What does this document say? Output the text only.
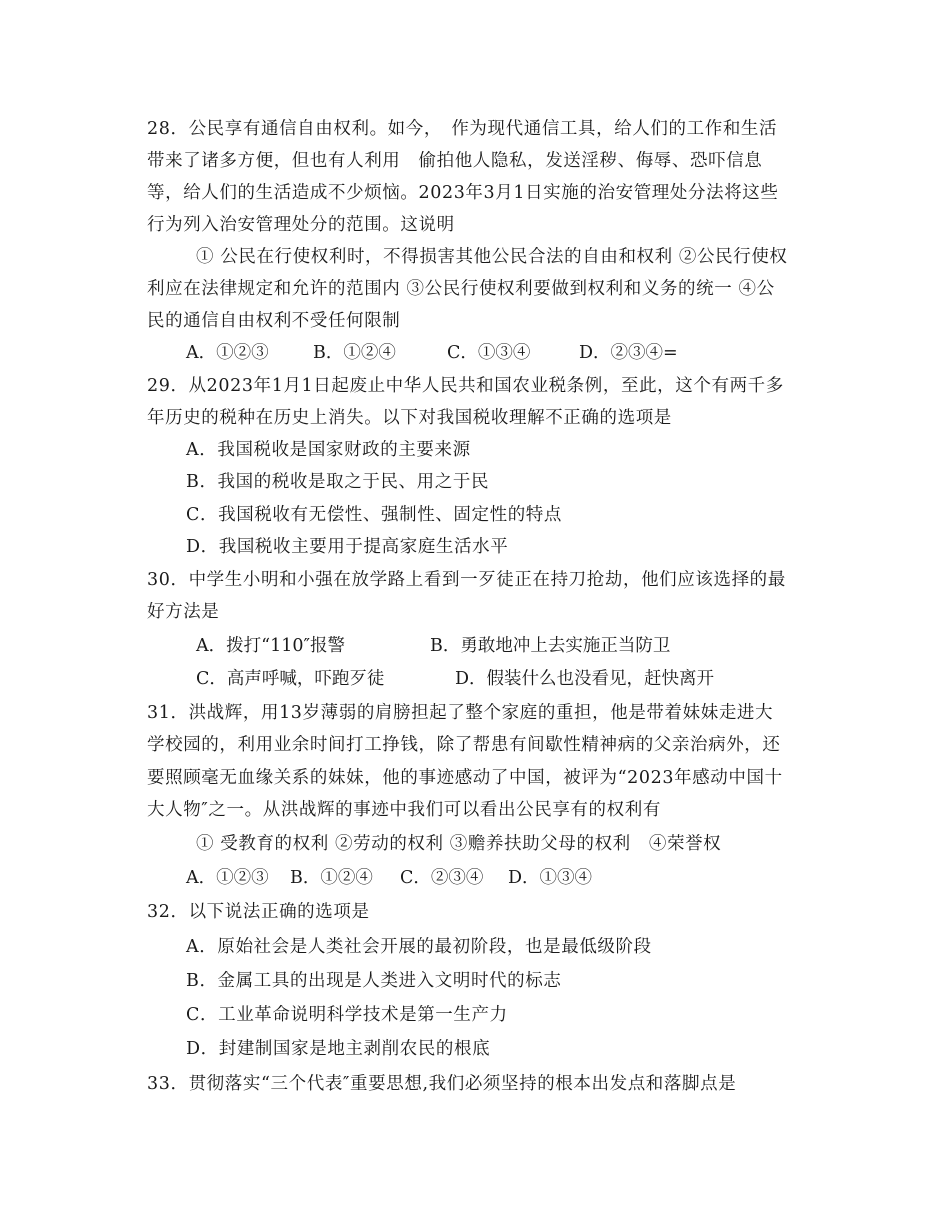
28．公民享有通信自由权利。如今，　作为现代通信工具，给人们的工作和生活
带来了诸多方便，但也有人利用　偷拍他人隐私，发送淫秽、侮辱、恐吓信息
等，给人们的生活造成不少烦恼。2023年3月1日实施的治安管理处分法将这些
行为列入治安管理处分的范围。这说明
① 公民在行使权利时，不得损害其他公民合法的自由和权利 ②公民行使权
利应在法律规定和允许的范围内 ③公民行使权利要做到权利和义务的统一 ④公
民的通信自由权利不受任何限制
A．①②③	B．①②④	C．①③④	D．②③④=
29．从2023年1月1日起废止中华人民共和国农业税条例，至此，这个有两千多
年历史的税种在历史上消失。以下对我国税收理解不正确的选项是
A．我国税收是国家财政的主要来源
B．我国的税收是取之于民、用之于民
C．我国税收有无偿性、强制性、固定性的特点
D．我国税收主要用于提高家庭生活水平
30．中学生小明和小强在放学路上看到一歹徒正在持刀抢劫，他们应该选择的最
好方法是
A．拨打“110″报警	B．勇敢地冲上去实施正当防卫
C．高声呼喊，吓跑歹徒	D．假装什么也没看见，赶快离开
31．洪战辉，用13岁薄弱的肩膀担起了整个家庭的重担，他是带着妹妹走进大
学校园的，利用业余时间打工挣钱，除了帮患有间歇性精神病的父亲治病外，还
要照顾毫无血缘关系的妹妹，他的事迹感动了中国，被评为“2023年感动中国十
大人物″之一。从洪战辉的事迹中我们可以看出公民享有的权利有
① 受教育的权利 ②劳动的权利 ③赡养扶助父母的权利　④荣誉权
A．①②③ B．①②④ C．②③④ D．①③④
32．以下说法正确的选项是
A．原始社会是人类社会开展的最初阶段，也是最低级阶段
B．金属工具的出现是人类进入文明时代的标志
C．工业革命说明科学技术是第一生产力
D．封建制国家是地主剥削农民的根底
33．贯彻落实“三个代表″重要思想,我们必须坚持的根本出发点和落脚点是
